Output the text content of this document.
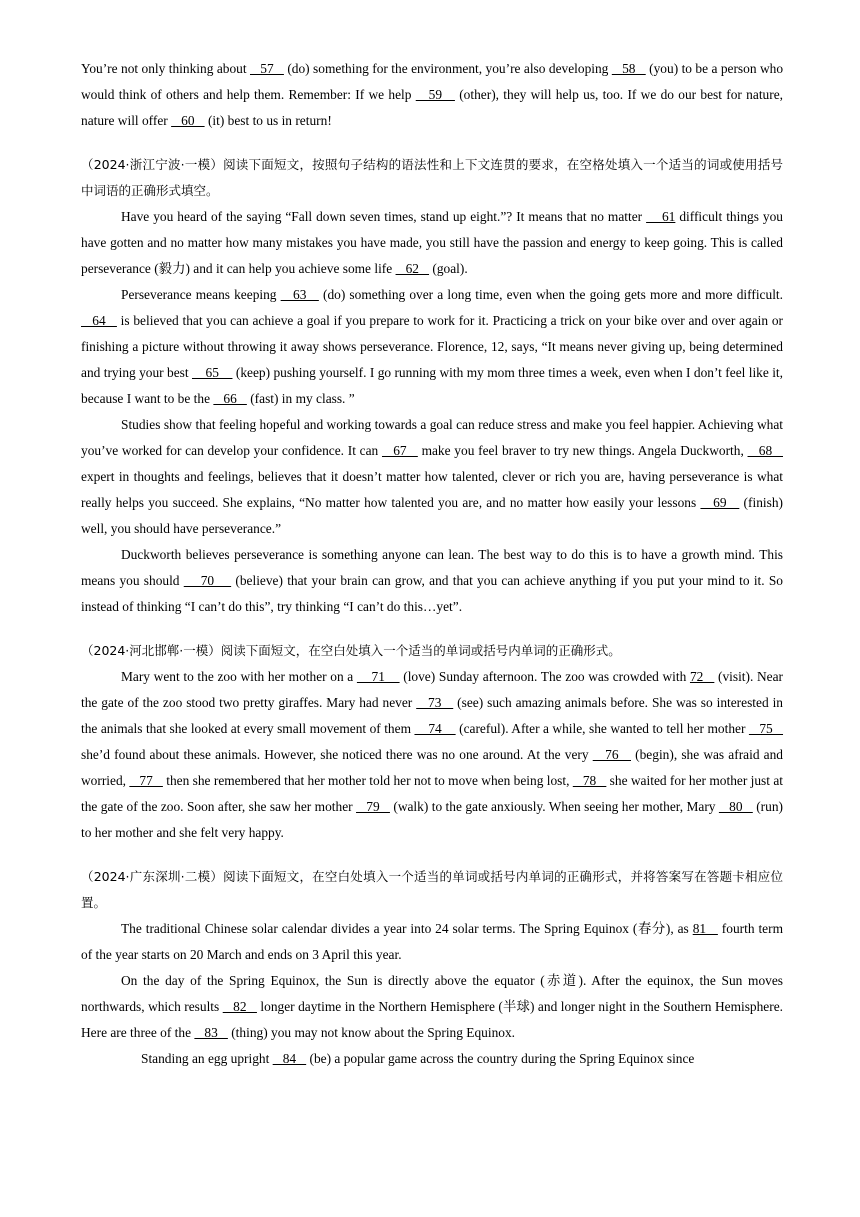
You’re not only thinking about    57    (do) something for the environment, you’re also developing    58    (you) to be a person who would think of others and help them. Remember: If we help    59    (other), they will help us, too. If we do our best for nature, nature will offer    60    (it) best to us in return!

（2024·浙江宁波·一模）阅读下面短文，按照句子结构的语法性和上下文连贯的要求，在空格处填入一个适当的词或使用括号中词语的正确形式填空。

Have you heard of the saying “Fall down seven times, stand up eight.”? It means that no matter     61 difficult things you have gotten and no matter how many mistakes you have made, you still have the passion and energy to keep going. This is called perseverance (毅力) and it can help you achieve some life    62    (goal).

Perseverance means keeping    63    (do) something over a long time, even when the going gets more and more difficult.    64    is believed that you can achieve a goal if you prepare to work for it. Practicing a trick on your bike over and over again or finishing a picture without throwing it away shows perseverance. Florence, 12, says, “It means never giving up, being determined and trying your best     65     (keep) pushing yourself. I go running with my mom three times a week, even when I don’t feel like it, because I want to be the    66    (fast) in my class. ”

Studies show that feeling hopeful and working towards a goal can reduce stress and make you feel happier. Achieving what you’ve worked for can develop your confidence. It can    67    make you feel braver to try new things. Angela Duckworth,    68    expert in thoughts and feelings, believes that it doesn’t matter how talented, clever or rich you are, having perseverance is what really helps you succeed. She explains, “No matter how talented you are, and no matter how easily your lessons    69    (finish) well, you should have perseverance.”

Duckworth believes perseverance is something anyone can lean. The best way to do this is to have a growth mind. This means you should     70     (believe) that your brain can grow, and that you can achieve anything if you put your mind to it. So instead of thinking “I can’t do this”, try thinking “I can’t do this…yet”.

（2024·河北邯郸·一模）阅读下面短文，在空白处填入一个适当的单词或括号内单词的正确形式。

Mary went to the zoo with her mother on a     71     (love) Sunday afternoon. The zoo was crowded with 72    (visit). Near the gate of the zoo stood two pretty giraffes. Mary had never    73    (see) such amazing animals before. She was so interested in the animals that she looked at every small movement of them     74     (careful). After a while, she wanted to tell her mother    75    she’d found about these animals. However, she noticed there was no one around. At the very    76    (begin), she was afraid and worried,    77    then she remembered that her mother told her not to move when being lost,    78    she waited for her mother just at the gate of the zoo. Soon after, she saw her mother    79    (walk) to the gate anxiously. When seeing her mother, Mary    80    (run) to her mother and she felt very happy.

（2024·广东深圳·二模）阅读下面短文，在空白处填入一个适当的单词或括号内单词的正确形式，并将答案写在答题卡相应位置。

The traditional Chinese solar calendar divides a year into 24 solar terms. The Spring Equinox (春分), as 81    fourth term of the year starts on 20 March and ends on 3 April this year.

On the day of the Spring Equinox, the Sun is directly above the equator (赤道). After the equinox, the Sun moves northwards, which results    82    longer daytime in the Northern Hemisphere (半球) and longer night in the Southern Hemisphere. Here are three of the    83    (thing) you may not know about the Spring Equinox.

Standing an egg upright    84    (be) a popular game across the country during the Spring Equinox since
